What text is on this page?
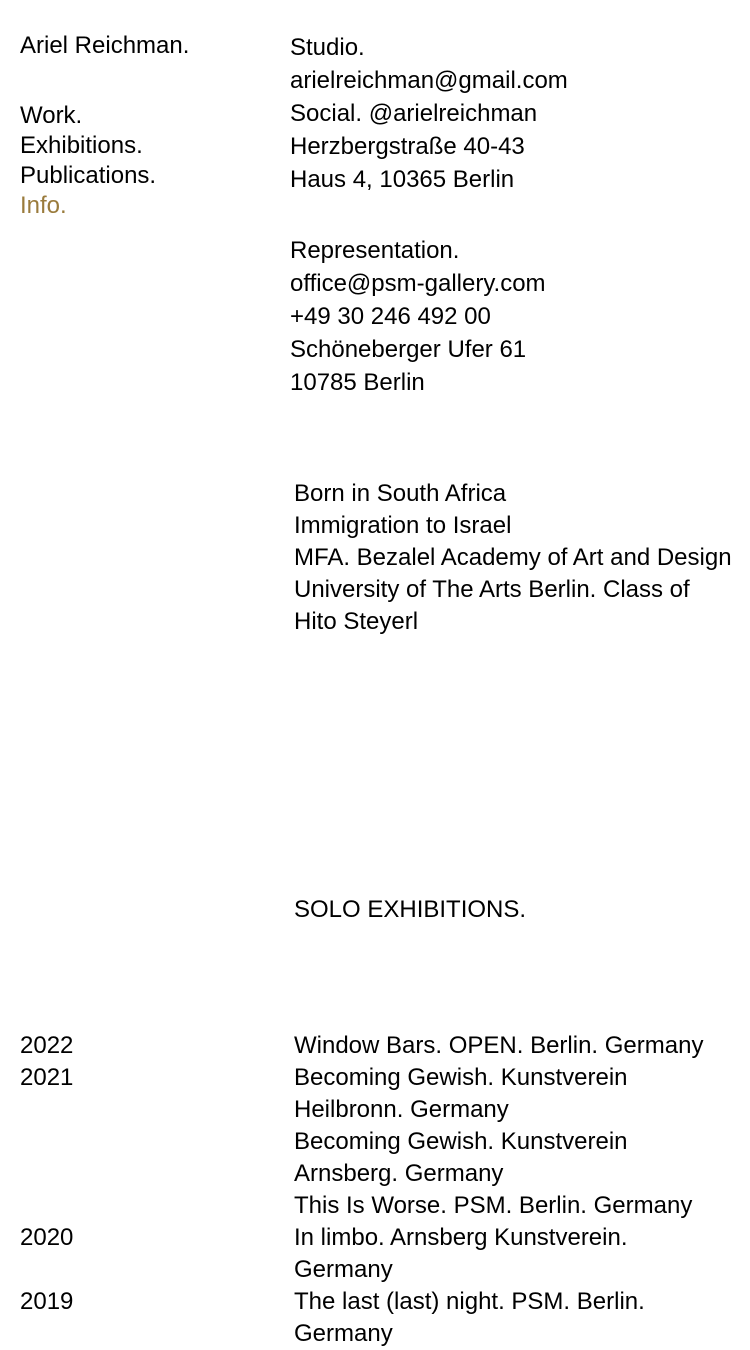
Ariel Reichman.
Work.
Exhibitions.
Publications.
Info.
Studio.
arielreichman@gmail.com
Social. @arielreichman
Herzbergstraße 40-43
Haus 4, 10365 Berlin
Representation.
office@psm-gallery.com
+49 30 246 492 00
Schöneberger Ufer 61
10785 Berlin
Born in South Africa
Immigration to Israel
MFA. Bezalel Academy of Art and Design
University of The Arts Berlin. Class of Hito Steyerl
SOLO EXHIBITIONS.
2022	Window Bars. OPEN. Berlin. Germany
2021	Becoming Gewish. Kunstverein Heilbronn. Germany
Becoming Gewish. Kunstverein Arnsberg. Germany
This Is Worse. PSM. Berlin. Germany
2020	In limbo. Arnsberg Kunstverein. Germany
2019	The last (last) night. PSM. Berlin. Germany
